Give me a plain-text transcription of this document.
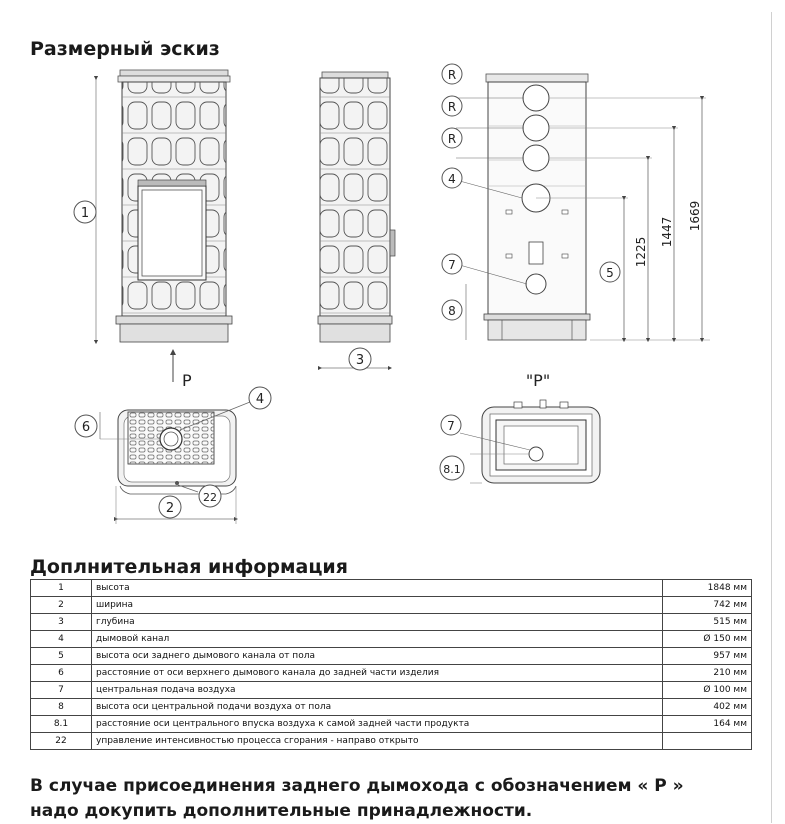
Размерный эскиз
1
P
3
R
R
R
4
7
8
5
1225
1447
1669
"P"
2
6
4
22
7
8.1
Доплнительная информация
1	высота	1848 мм
2	ширина	742 мм
3	глубина	515 мм
4	дымовой канал	Ø 150 мм
5	высота оси заднего дымового канала от пола	957 мм
6	расстояние от оси верхнего дымового канала до задней части изделия	210 мм
7	центральная подача воздуха	Ø 100 мм
8	высота оси центральной подачи воздуха от пола	402 мм
8.1	расстояние оси центрального впуска воздуха к самой задней части продукта	164 мм
22	управление интенсивностью процесса сгорания - направо открыто	
В случае присоединения заднего дымохода с обозначением « P »
надо докупить дополнительные принадлежности.
